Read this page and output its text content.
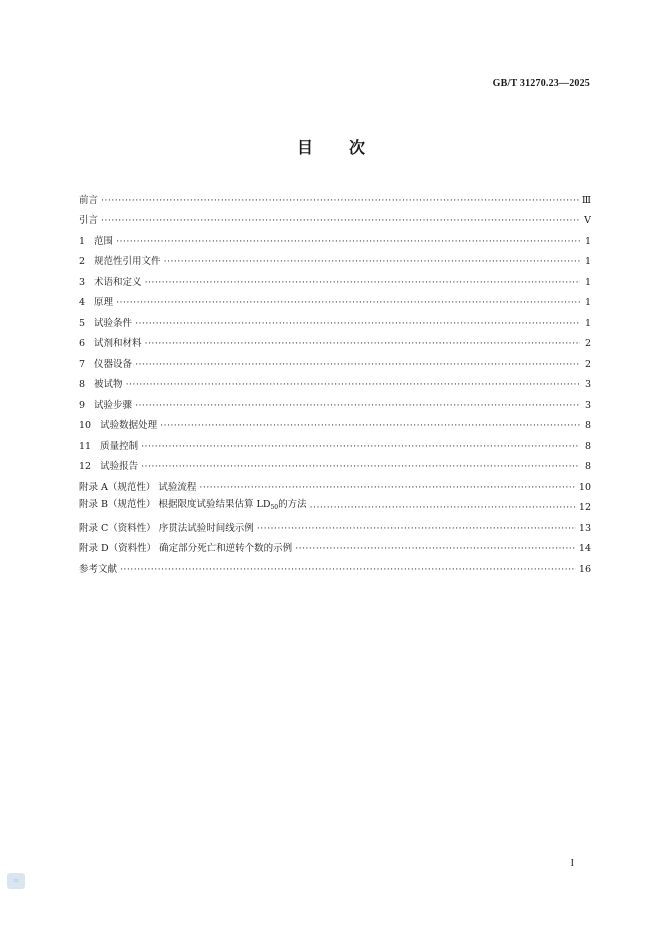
GB/T 31270.23—2025
目 次
前言 ·····	Ⅲ
引言 ·····	Ⅴ
1 范围 ·····	1
2 规范性引用文件 ·····	1
3 术语和定义 ·····	1
4 原理 ·····	1
5 试验条件 ·····	1
6 试剂和材料 ·····	2
7 仪器设备 ·····	2
8 被试物 ·····	3
9 试验步骤 ·····	3
10 试验数据处理 ·····	8
11 质量控制 ·····	8
12 试验报告 ·····	8
附录 A（规范性） 试验流程 ·····	10
附录 B（规范性） 根据限度试验结果估算 $LD_{50}$的方法 ·····	12
附录 C（资料性） 序贯法试验时间线示例 ·····	13
附录 D（资料性） 确定部分死亡和逆转个数的示例 ·····	14
参考文献 ·····	16
I
▭
